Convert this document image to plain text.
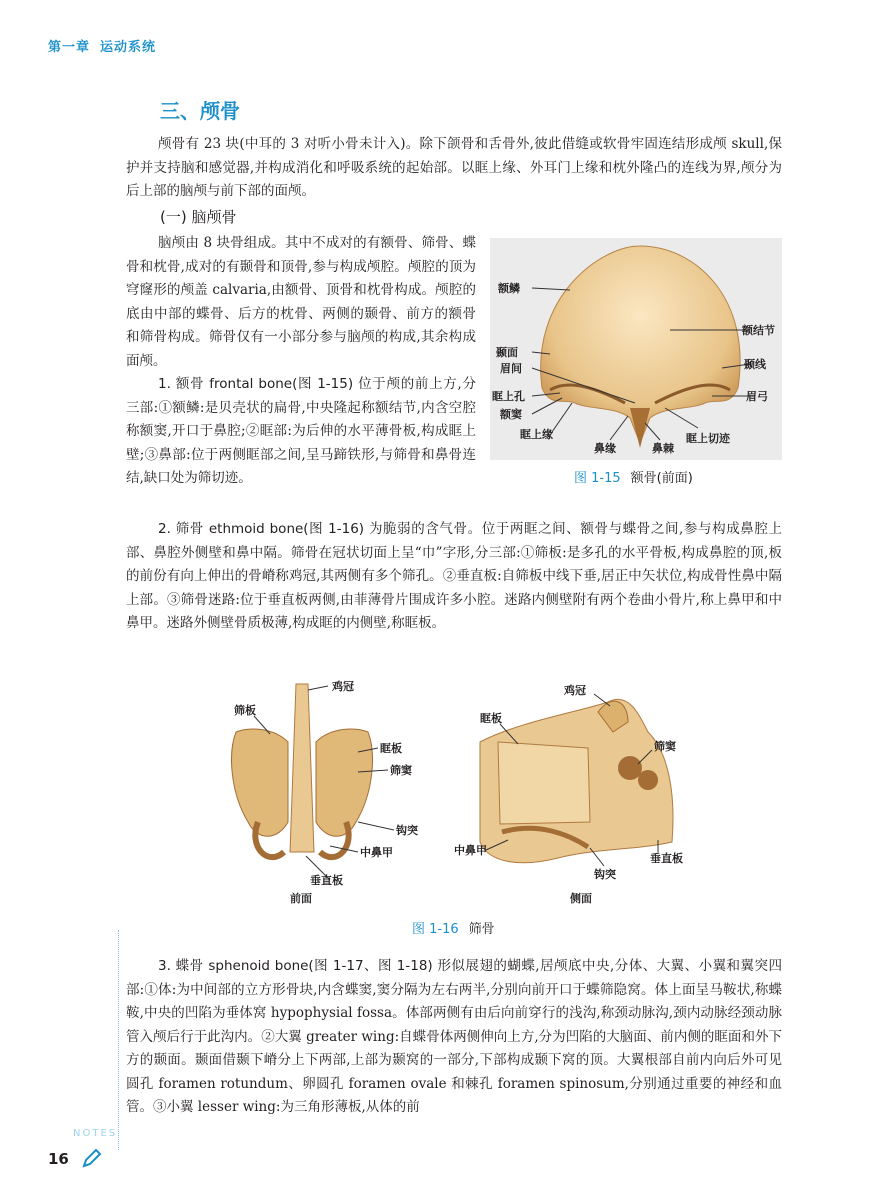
第一章 运动系统
三、颅骨

颅骨有 23 块(中耳的 3 对听小骨未计入)。除下颌骨和舌骨外,彼此借缝或软骨牢固连结形成颅 skull,保护并支持脑和感觉器,并构成消化和呼吸系统的起始部。以眶上缘、外耳门上缘和枕外隆凸的连线为界,颅分为后上部的脑颅与前下部的面颅。

(一) 脑颅骨

脑颅由 8 块骨组成。其中不成对的有额骨、筛骨、蝶骨和枕骨,成对的有颞骨和顶骨,参与构成颅腔。颅腔的顶为穹窿形的颅盖 calvaria,由额骨、顶骨和枕骨构成。颅腔的底由中部的蝶骨、后方的枕骨、两侧的颞骨、前方的额骨和筛骨构成。筛骨仅有一小部分参与脑颅的构成,其余构成面颅。

1. 额骨 frontal bone(图 1-15) 位于颅的前上方,分三部:①额鳞:是贝壳状的扁骨,中央隆起称额结节,内含空腔称额窦,开口于鼻腔;②眶部:为后伸的水平薄骨板,构成眶上壁;③鼻部:位于两侧眶部之间,呈马蹄铁形,与筛骨和鼻骨连结,缺口处为筛切迹。

额鳞
颞面
眉间
眶上孔
额窦
眶上缘
额结节
颞线
眉弓
眶上切迹
鼻缘	鼻棘
图 1-15 额骨(前面)

2. 筛骨 ethmoid bone(图 1-16) 为脆弱的含气骨。位于两眶之间、额骨与蝶骨之间,参与构成鼻腔上部、鼻腔外侧壁和鼻中隔。筛骨在冠状切面上呈“巾”字形,分三部:①筛板:是多孔的水平骨板,构成鼻腔的顶,板的前份有向上伸出的骨嵴称鸡冠,其两侧有多个筛孔。②垂直板:自筛板中线下垂,居正中矢状位,构成骨性鼻中隔上部。③筛骨迷路:位于垂直板两侧,由菲薄骨片围成许多小腔。迷路内侧壁附有两个卷曲小骨片,称上鼻甲和中鼻甲。迷路外侧壁骨质极薄,构成眶的内侧壁,称眶板。

鸡冠
筛板
眶板
筛窦
钩突
中鼻甲
垂直板
前面
鸡冠
眶板
筛窦
中鼻甲
钩突
垂直板
侧面
图 1-16 筛骨

3. 蝶骨 sphenoid bone(图 1-17、图 1-18) 形似展翅的蝴蝶,居颅底中央,分体、大翼、小翼和翼突四部:①体:为中间部的立方形骨块,内含蝶窦,窦分隔为左右两半,分别向前开口于蝶筛隐窝。体上面呈马鞍状,称蝶鞍,中央的凹陷为垂体窝 hypophysial fossa。体部两侧有由后向前穿行的浅沟,称颈动脉沟,颈内动脉经颈动脉管入颅后行于此沟内。②大翼 greater wing:自蝶骨体两侧伸向上方,分为凹陷的大脑面、前内侧的眶面和外下方的颞面。颞面借颞下嵴分上下两部,上部为颞窝的一部分,下部构成颞下窝的顶。大翼根部自前内向后外可见圆孔 foramen rotundum、卵圆孔 foramen ovale 和棘孔 foramen spinosum,分别通过重要的神经和血管。③小翼 lesser wing:为三角形薄板,从体的前

NOTES
16
